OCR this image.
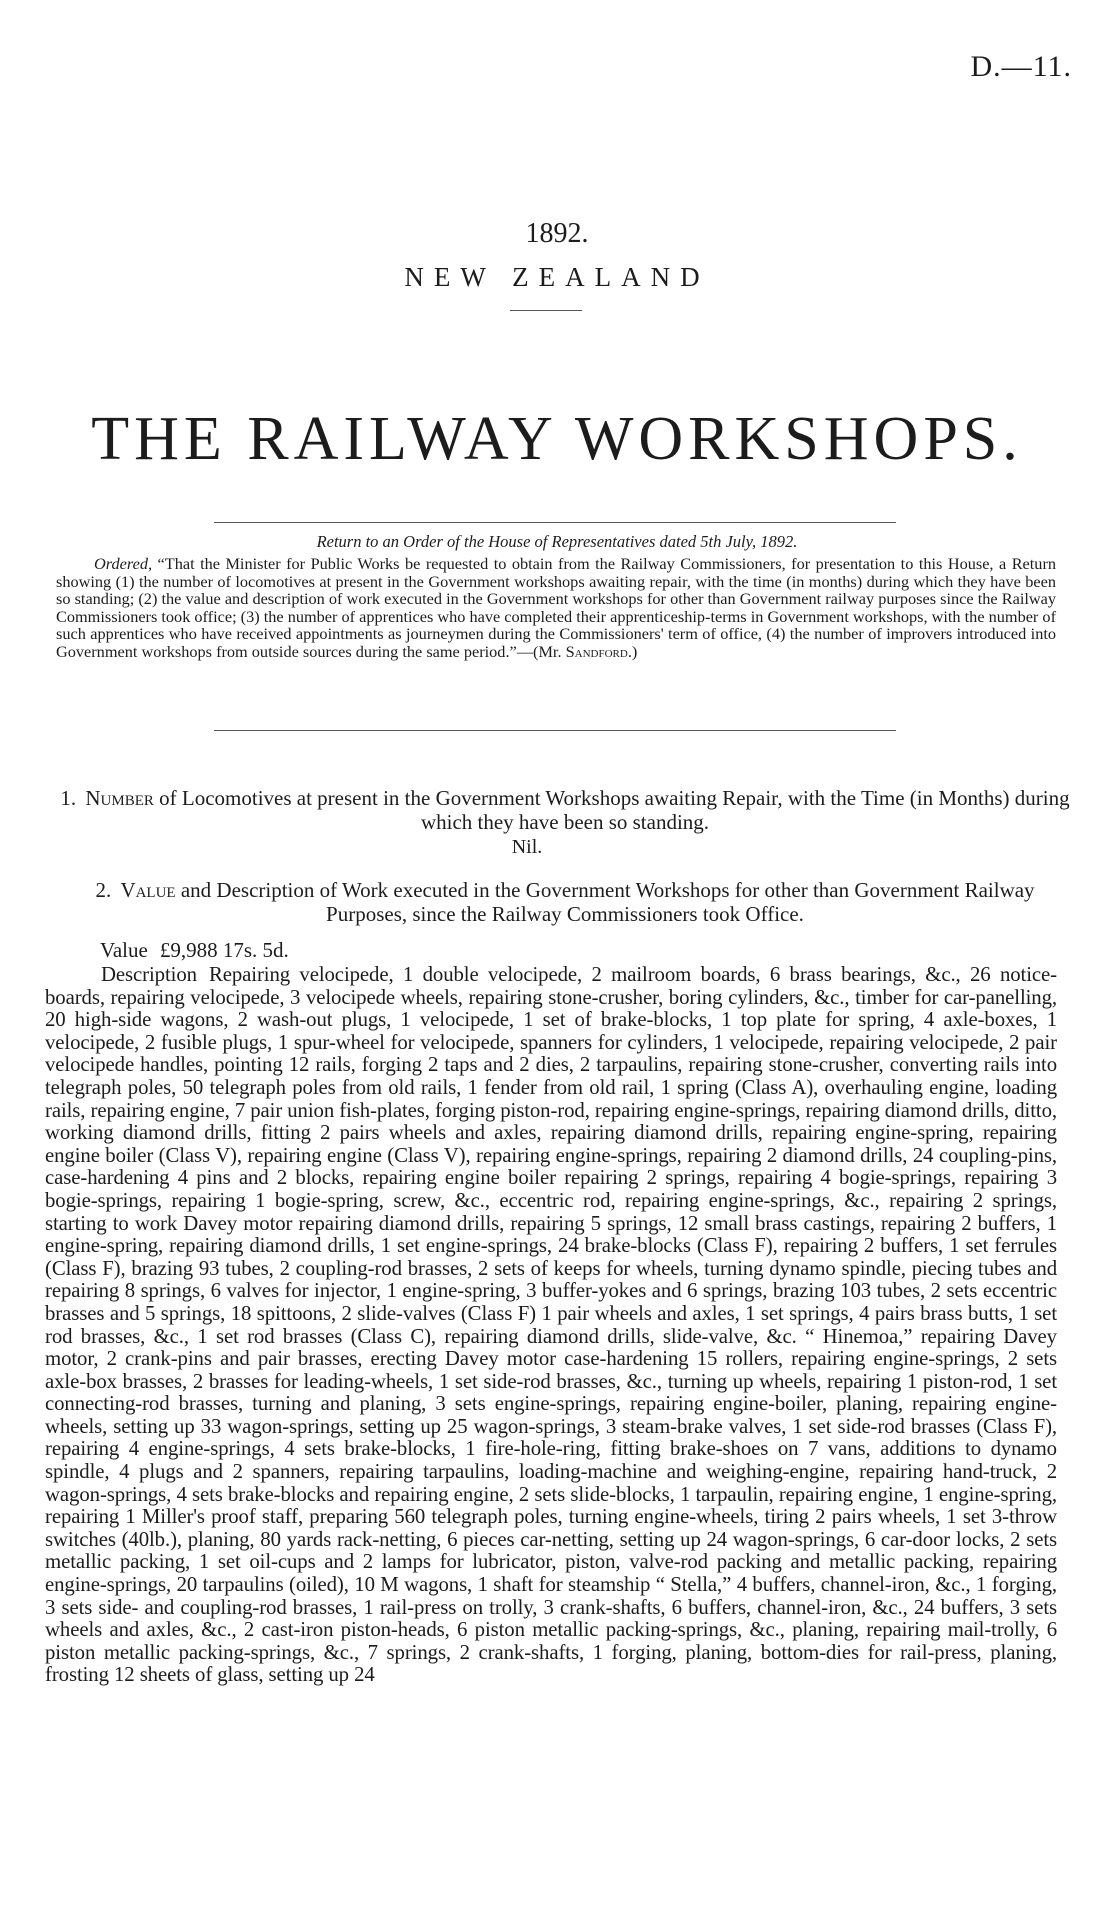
D.—11.
1892.
NEW ZEALAND
THE RAILWAY WORKSHOPS.
Return to an Order of the House of Representatives dated 5th July, 1892.
Ordered, “That the Minister for Public Works be requested to obtain from the Railway Commissioners, for presentation to this House, a Return showing (1) the number of locomotives at present in the Government workshops awaiting repair, with the time (in months) during which they have been so standing; (2) the value and description of work executed in the Government workshops for other than Government railway purposes since the Railway Commissioners took office; (3) the number of apprentices who have completed their apprenticeship-terms in Government workshops, with the number of such apprentices who have received appointments as journeymen during the Commissioners' term of office, (4) the number of improvers introduced into Government workshops from outside sources during the same period.”—(Mr. Sandford.)
1. Number of Locomotives at present in the Government Workshops awaiting Repair, with the Time (in Months) during which they have been so standing.
Nil.
2. Value and Description of Work executed in the Government Workshops for other than Government Railway Purposes, since the Railway Commissioners took Office.
Value £9,988 17s. 5d.
Description Repairing velocipede, 1 double velocipede, 2 mailroom boards, 6 brass bearings, &c., 26 notice-boards, repairing velocipede, 3 velocipede wheels, repairing stone-crusher, boring cylinders, &c., timber for car-panelling, 20 high-side wagons, 2 wash-out plugs, 1 velocipede, 1 set of brake-blocks, 1 top plate for spring, 4 axle-boxes, 1 velocipede, 2 fusible plugs, 1 spur-wheel for velocipede, spanners for cylinders, 1 velocipede, repairing velocipede, 2 pair velocipede handles, pointing 12 rails, forging 2 taps and 2 dies, 2 tarpaulins, repairing stone-crusher, converting rails into telegraph poles, 50 telegraph poles from old rails, 1 fender from old rail, 1 spring (Class A), overhauling engine, loading rails, repairing engine, 7 pair union fish-plates, forging piston-rod, repairing engine-springs, repairing diamond drills, ditto, working diamond drills, fitting 2 pairs wheels and axles, repairing diamond drills, repairing engine-spring, repairing engine boiler (Class V), repairing engine (Class V), repairing engine-springs, repairing 2 diamond drills, 24 coupling-pins, case-hardening 4 pins and 2 blocks, repairing engine boiler repairing 2 springs, repairing 4 bogie-springs, repairing 3 bogie-springs, repairing 1 bogie-spring, screw, &c., eccentric rod, repairing engine-springs, &c., repairing 2 springs, starting to work Davey motor repairing diamond drills, repairing 5 springs, 12 small brass castings, repairing 2 buffers, 1 engine-spring, repairing diamond drills, 1 set engine-springs, 24 brake-blocks (Class F), repairing 2 buffers, 1 set ferrules (Class F), brazing 93 tubes, 2 coupling-rod brasses, 2 sets of keeps for wheels, turning dynamo spindle, piecing tubes and repairing 8 springs, 6 valves for injector, 1 engine-spring, 3 buffer-yokes and 6 springs, brazing 103 tubes, 2 sets eccentric brasses and 5 springs, 18 spittoons, 2 slide-valves (Class F) 1 pair wheels and axles, 1 set springs, 4 pairs brass butts, 1 set rod brasses, &c., 1 set rod brasses (Class C), repairing diamond drills, slide-valve, &c. “ Hinemoa,” repairing Davey motor, 2 crank-pins and pair brasses, erecting Davey motor case-hardening 15 rollers, repairing engine-springs, 2 sets axle-box brasses, 2 brasses for leading-wheels, 1 set side-rod brasses, &c., turning up wheels, repairing 1 piston-rod, 1 set connecting-rod brasses, turning and planing, 3 sets engine-springs, repairing engine-boiler, planing, repairing engine-wheels, setting up 33 wagon-springs, setting up 25 wagon-springs, 3 steam-brake valves, 1 set side-rod brasses (Class F), repairing 4 engine-springs, 4 sets brake-blocks, 1 fire-hole-ring, fitting brake-shoes on 7 vans, additions to dynamo spindle, 4 plugs and 2 spanners, repairing tarpaulins, loading-machine and weighing-engine, repairing hand-truck, 2 wagon-springs, 4 sets brake-blocks and repairing engine, 2 sets slide-blocks, 1 tarpaulin, repairing engine, 1 engine-spring, repairing 1 Miller's proof staff, preparing 560 telegraph poles, turning engine-wheels, tiring 2 pairs wheels, 1 set 3-throw switches (40lb.), planing, 80 yards rack-netting, 6 pieces car-netting, setting up 24 wagon-springs, 6 car-door locks, 2 sets metallic packing, 1 set oil-cups and 2 lamps for lubricator, piston, valve-rod packing and metallic packing, repairing engine-springs, 20 tarpaulins (oiled), 10 M wagons, 1 shaft for steamship “ Stella,” 4 buffers, channel-iron, &c., 1 forging, 3 sets side- and coupling-rod brasses, 1 rail-press on trolly, 3 crank-shafts, 6 buffers, channel-iron, &c., 24 buffers, 3 sets wheels and axles, &c., 2 cast-iron piston-heads, 6 piston metallic packing-springs, &c., planing, repairing mail-trolly, 6 piston metallic packing-springs, &c., 7 springs, 2 crank-shafts, 1 forging, planing, bottom-dies for rail-press, planing, frosting 12 sheets of glass, setting up 24
